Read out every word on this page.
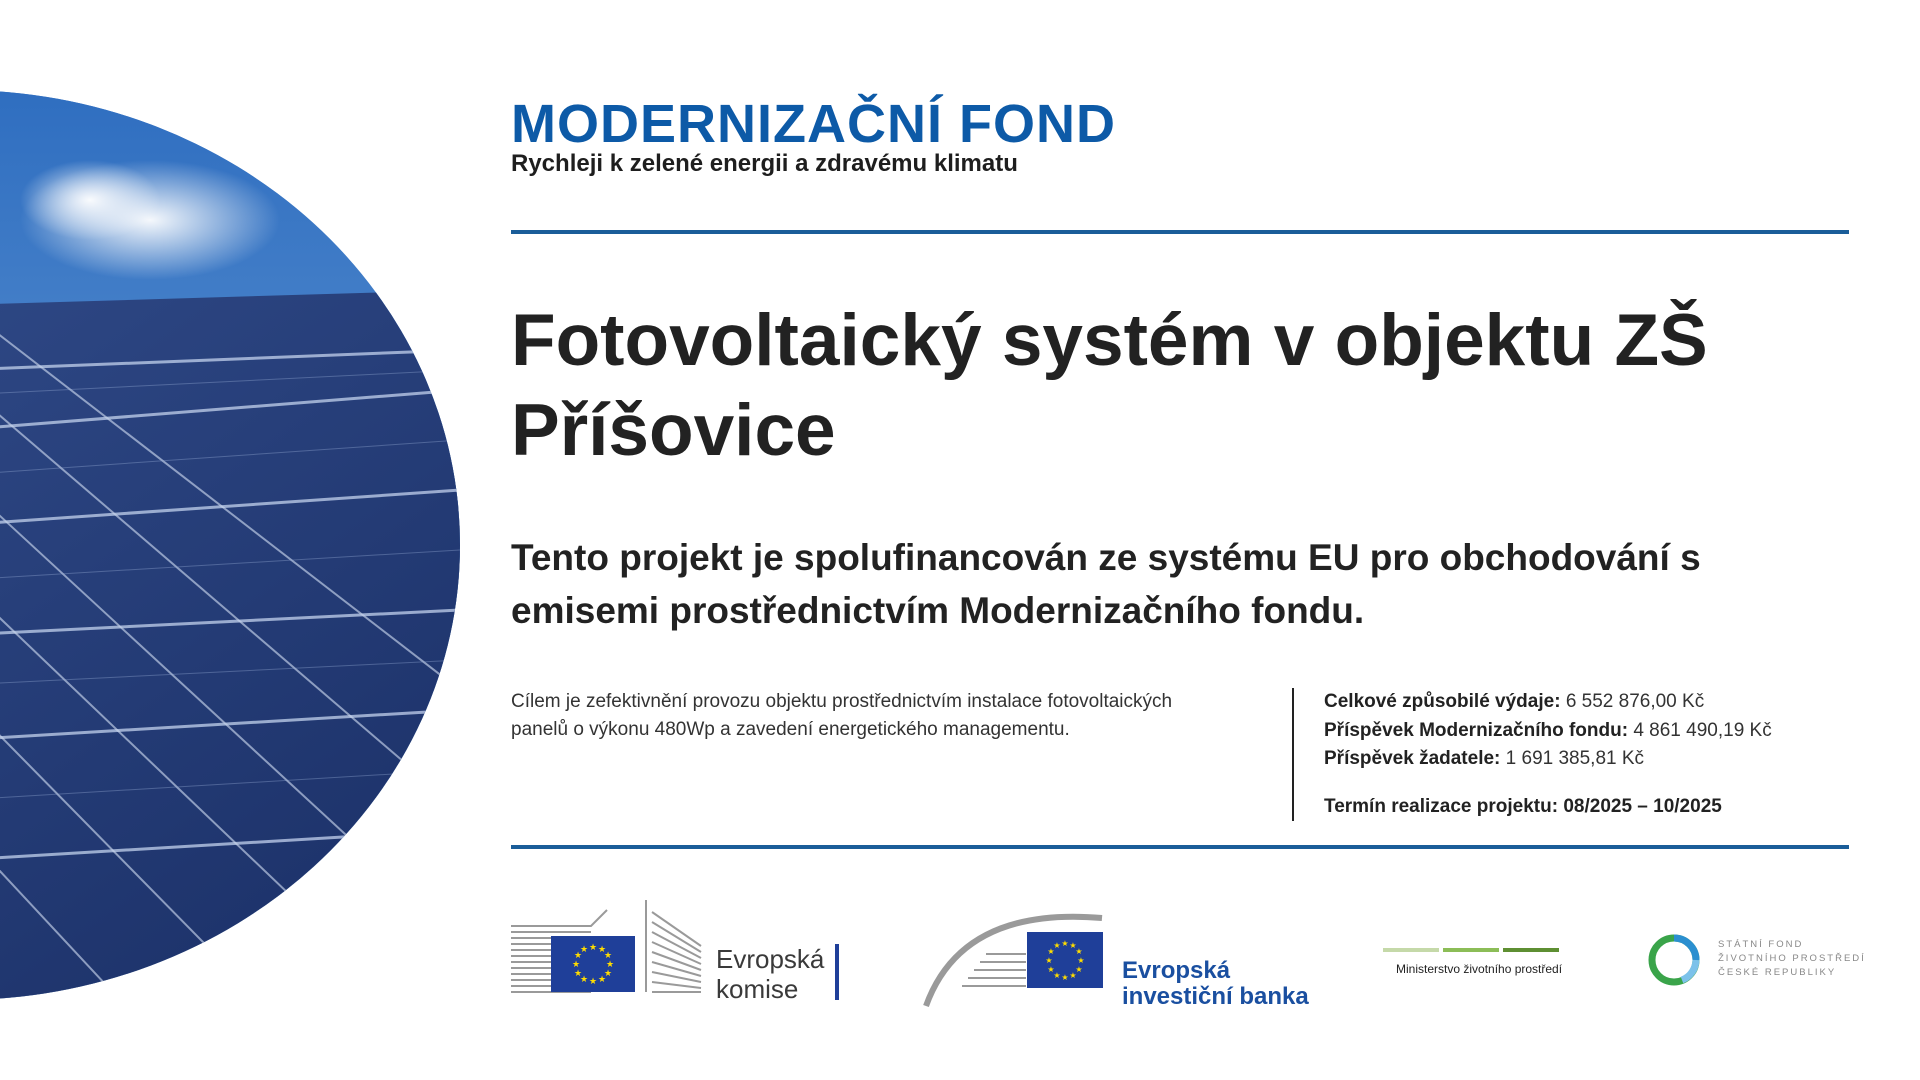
MODERNIZAČNÍ FOND
Rychleji k zelené energii a zdravému klimatu
Fotovoltaický systém v objektu ZŠ Příšovice

Tento projekt je spolufinancován ze systému EU pro obchodování s emisemi prostřednictvím Modernizačního fondu.

Cílem je zefektivnění provozu objektu prostřednictvím instalace fotovoltaických panelů o výkonu 480Wp a zavedení energetického managementu.

Celkové způsobilé výdaje: 6 552 876,00 Kč
Příspěvek Modernizačního fondu: 4 861 490,19 Kč
Příspěvek žadatele: 1 691 385,81 Kč
Termín realizace projektu: 08/2025 – 10/2025
★ ★
★
★
★
★
★
★
★
★
★
★	Evropská
komise
★ ★
★
★
★
★
★
★
★
★
★
★
Evropská
investiční banka
Ministerstvo životního prostředí
STÁTNÍ FOND
ŽIVOTNÍHO PROSTŘEDÍ
ČESKÉ REPUBLIKY
